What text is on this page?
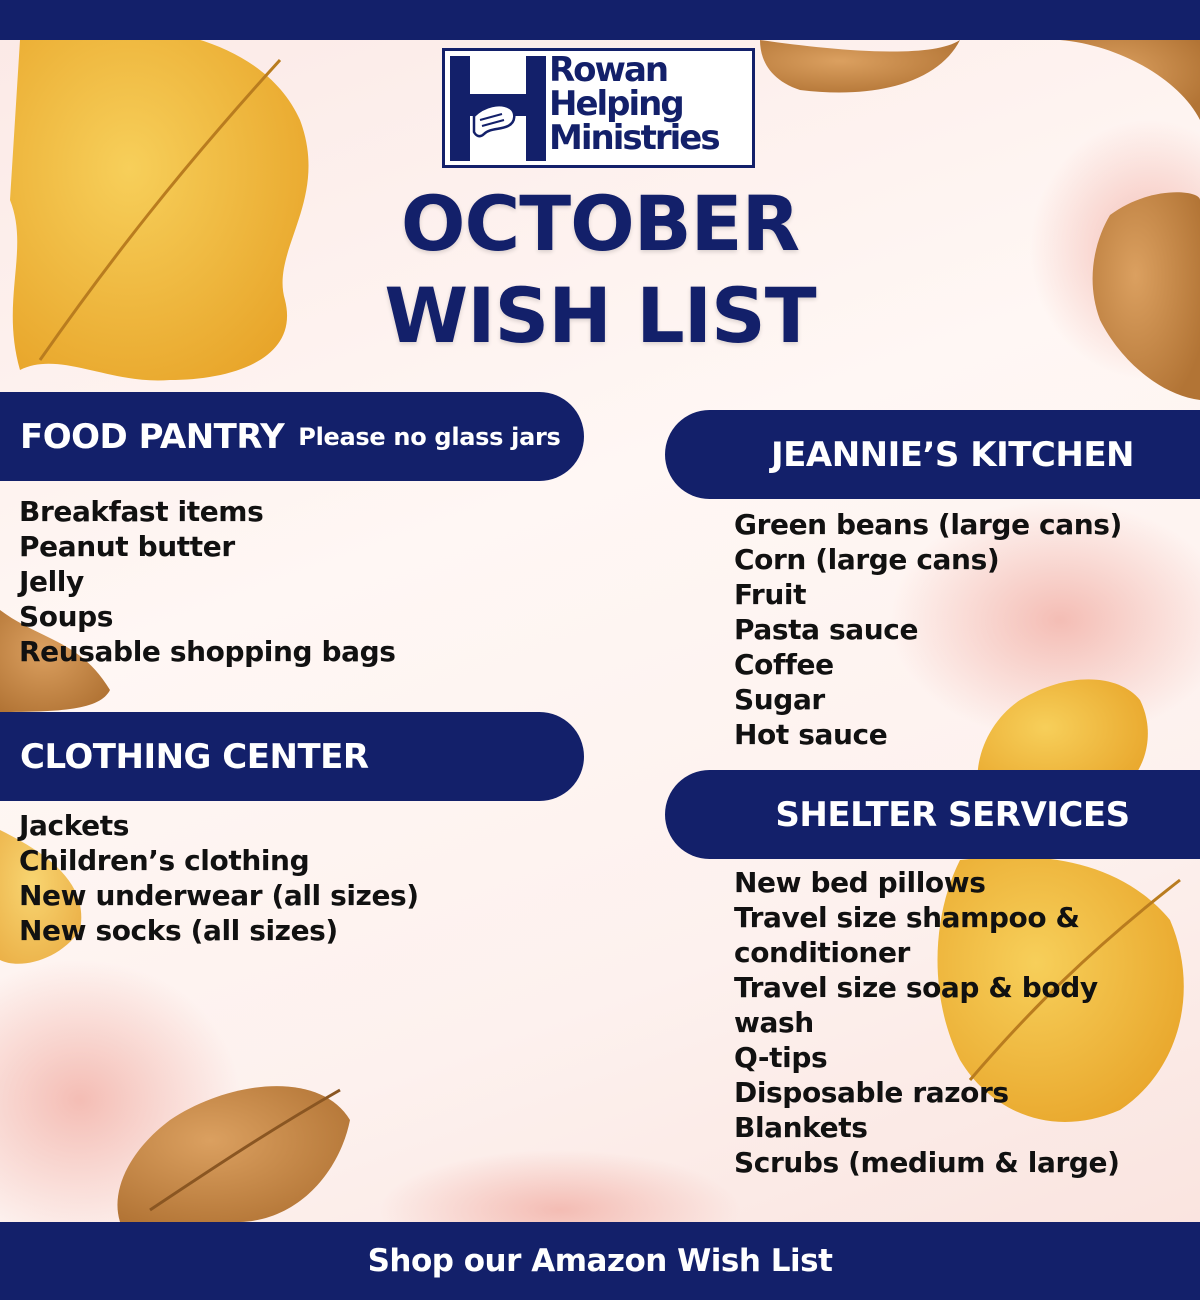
Rowan
Helping
Ministries
OCTOBER
WISH LIST
FOOD PANTRY Please no glass jars
Breakfast items
Peanut butter
Jelly
Soups
Reusable shopping bags
CLOTHING CENTER
Jackets
Children’s clothing
New underwear (all sizes)
New socks (all sizes)
JEANNIE’S KITCHEN
Green beans (large cans)
Corn (large cans)
Fruit
Pasta sauce
Coffee
Sugar
Hot sauce
SHELTER SERVICES
New bed pillows
Travel size shampoo &
conditioner
Travel size soap & body wash
Q-tips
Disposable razors
Blankets
Scrubs (medium & large)
Shop our Amazon Wish List
